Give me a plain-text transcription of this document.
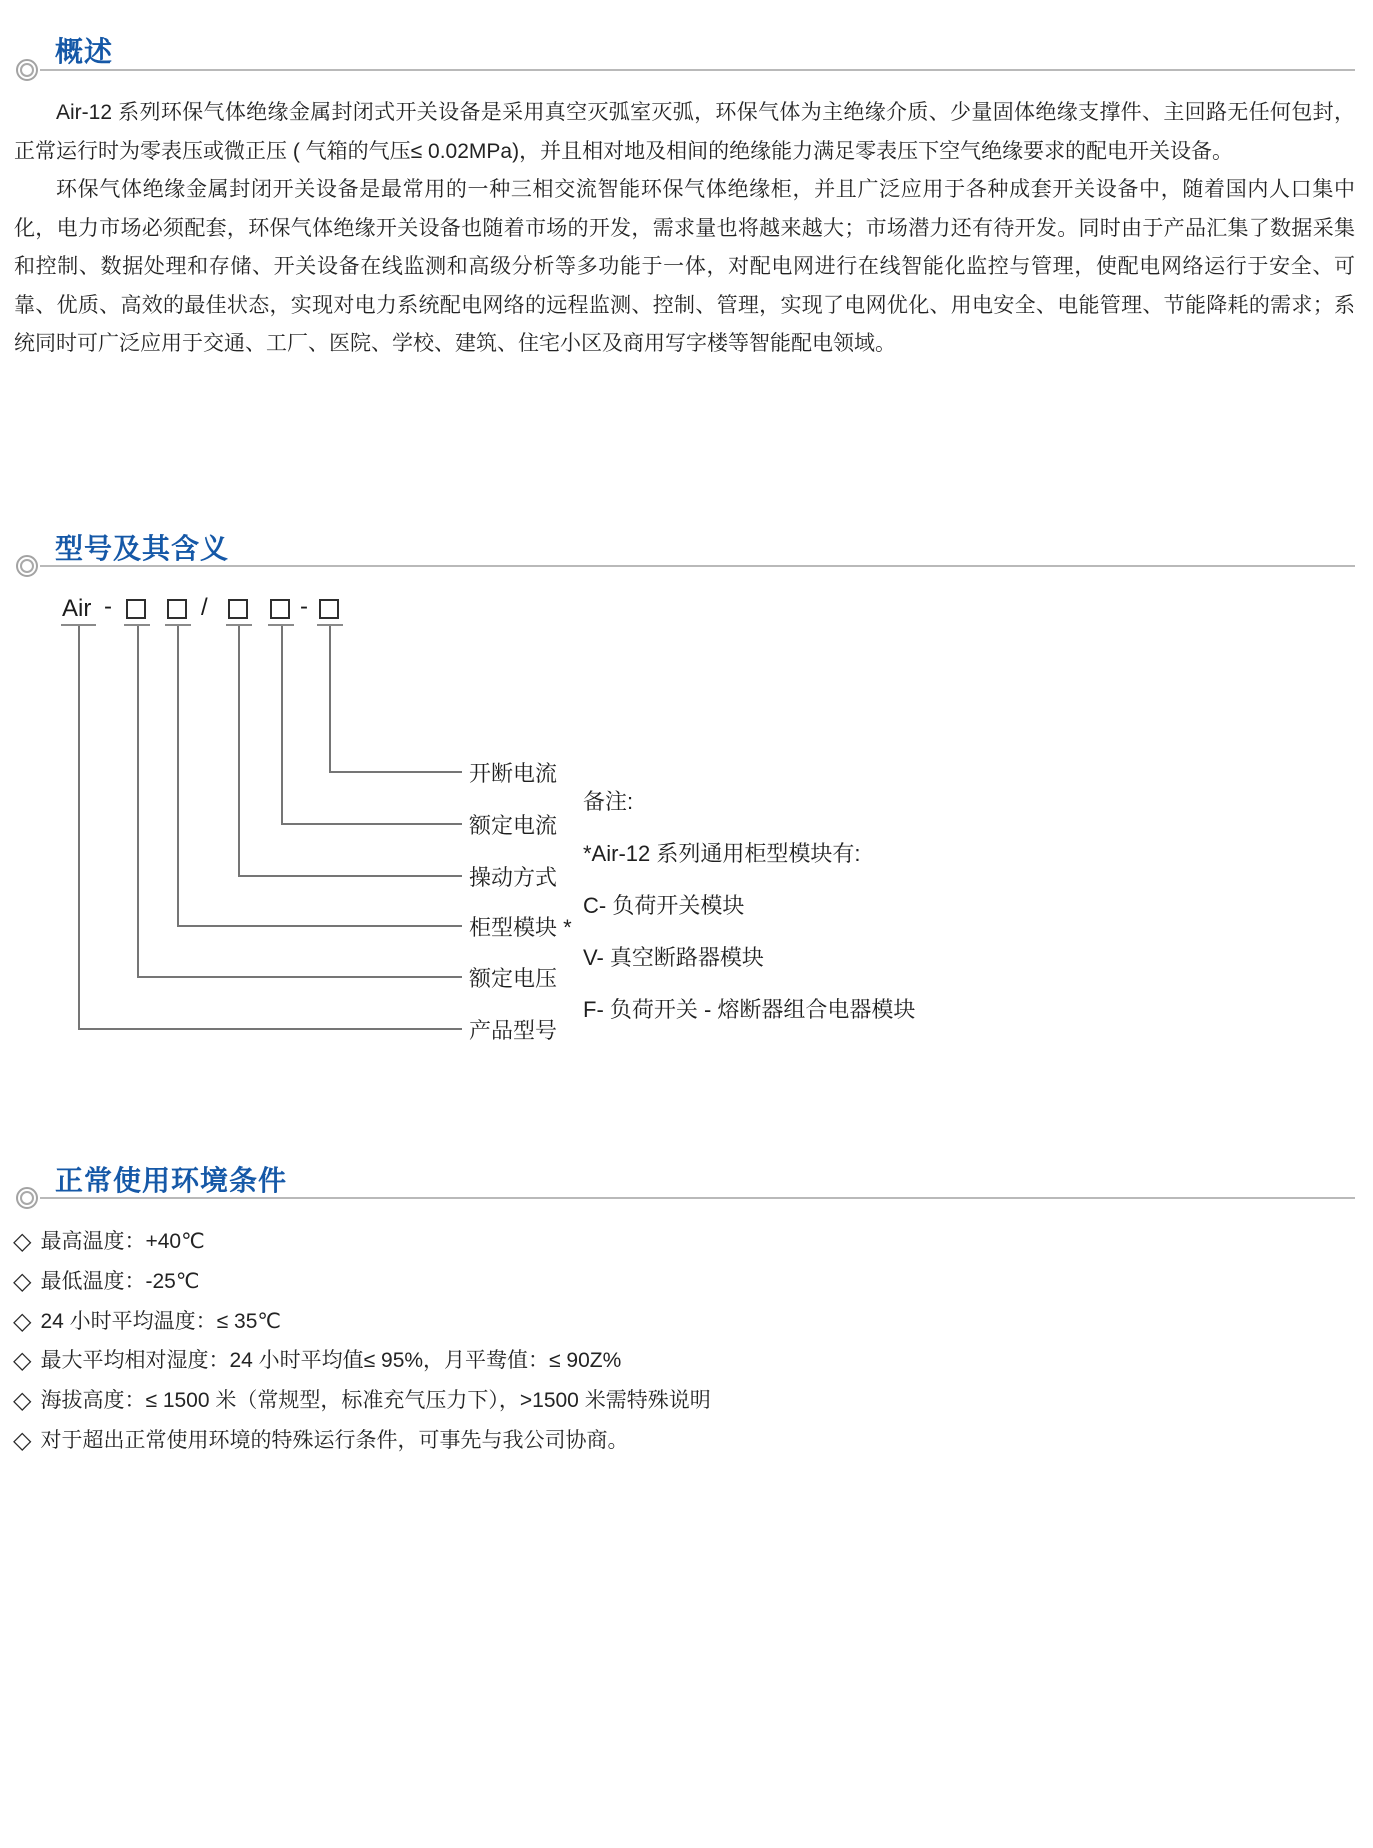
概述

Air-12 系列环保气体绝缘金属封闭式开关设备是采用真空灭弧室灭弧，环保气体为主绝缘介质、少量固体绝缘支撑件、主回路无任何包封，正常运行时为零表压或微正压 ( 气箱的气压≤ 0.02MPa)，并且相对地及相间的绝缘能力满足零表压下空气绝缘要求的配电开关设备。

环保气体绝缘金属封闭开关设备是最常用的一种三相交流智能环保气体绝缘柜，并且广泛应用于各种成套开关设备中，随着国内人口集中化，电力市场必须配套，环保气体绝缘开关设备也随着市场的开发，需求量也将越来越大；市场潜力还有待开发。同时由于产品汇集了数据采集和控制、数据处理和存储、开关设备在线监测和高级分析等多功能于一体，对配电网进行在线智能化监控与管理，使配电网络运行于安全、可靠、优质、高效的最佳状态，实现对电力系统配电网络的远程监测、控制、管理，实现了电网优化、用电安全、电能管理、节能降耗的需求；系统同时可广泛应用于交通、工厂、医院、学校、建筑、住宅小区及商用写字楼等智能配电领域。

型号及其含义
Air -	/	-
开断电流
额定电流
操动方式
柜型模块 *
额定电压
产品型号
备注:
*Air-12 系列通用柜型模块有:
C- 负荷开关模块
V- 真空断路器模块
F- 负荷开关 - 熔断器组合电器模块
正常使用环境条件
◇ 最高温度：+40℃
◇ 最低温度：-25℃
◇ 24 小时平均温度：≤ 35℃
◇ 最大平均相对湿度：24 小时平均值≤ 95%，月平鸯值：≤ 90Z%
◇ 海拔高度：≤ 1500 米（常规型，标准充气压力下），>1500 米需特殊说明
◇ 对于超出正常使用环境的特殊运行条件，可事先与我公司协商。
